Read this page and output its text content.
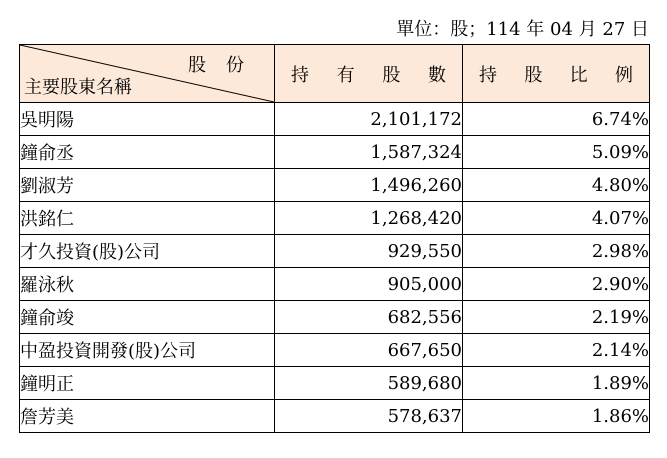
單位：股；114 年 04 月 27 日
股份
主要股東名稱	持 有 股 數	持 股 比 例

吳明陽	2,101,172	6.74%
鐘俞丞	1,587,324	5.09%
劉淑芳	1,496,260	4.80%
洪銘仁	1,268,420	4.07%
才久投資(股)公司	929,550	2.98%
羅泳秋	905,000	2.90%
鐘俞竣	682,556	2.19%
中盈投資開發(股)公司	667,650	2.14%
鐘明正	589,680	1.89%
詹芳美	578,637	1.86%
